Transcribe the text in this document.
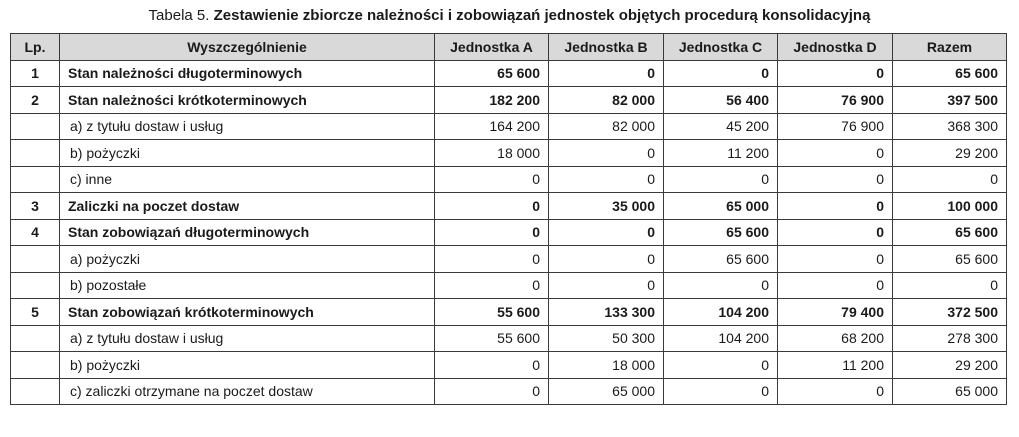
Tabela 5. Zestawienie zbiorcze należności i zobowiązań jednostek objętych procedurą konsolidacyjną
Lp.	Wyszczególnienie	Jednostka A	Jednostka B	Jednostka C	Jednostka D	Razem
1	Stan należności długoterminowych	65 600	0	0	0	65 600
2	Stan należności krótkoterminowych	182 200	82 000	56 400	76 900	397 500
	a) z tytułu dostaw i usług	164 200	82 000	45 200	76 900	368 300
	b) pożyczki	18 000	0	11 200	0	29 200
	c) inne	0	0	0	0	0
3	Zaliczki na poczet dostaw	0	35 000	65 000	0	100 000
4	Stan zobowiązań długoterminowych	0	0	65 600	0	65 600
	a) pożyczki	0	0	65 600	0	65 600
	b) pozostałe	0	0	0	0	0
5	Stan zobowiązań krótkoterminowych	55 600	133 300	104 200	79 400	372 500
	a) z tytułu dostaw i usług	55 600	50 300	104 200	68 200	278 300
	b) pożyczki	0	18 000	0	11 200	29 200
	c) zaliczki otrzymane na poczet dostaw	0	65 000	0	0	65 000
